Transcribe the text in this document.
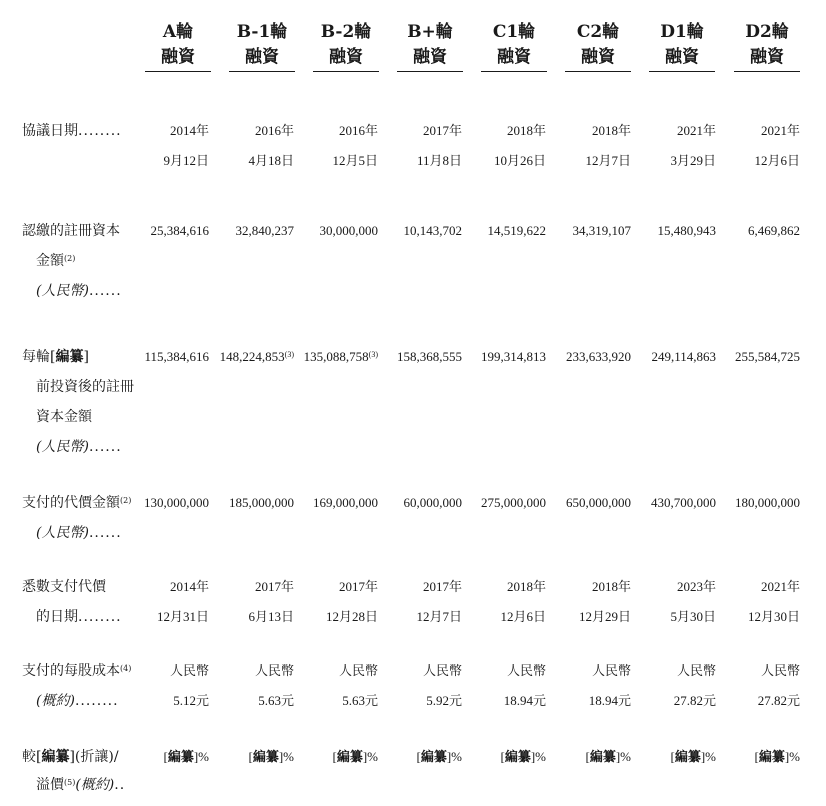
A輪
融資
B-1輪
融資
B-2輪
融資
B+輪
融資
C1輪
融資
C2輪
融資
D1輪
融資
D2輪
融資
協議日期........
認繳的註冊資本
金額$^{(2)}$
(人民幣)......
每輪[編纂]
前投資後的註冊
資本金額
(人民幣)......
支付的代價金額$^{(2)}$
(人民幣)......
悉數支付代價
的日期........
支付的每股成本$^{(4)}$
(概約)........
較[編纂](折讓)/
溢價$^{(5)}$(概約)..
2014年
9月12日
25,384,616
115,384,616
130,000,000
2014年
12月31日
人民幣
5.12元
[編纂]%
2016年
4月18日
32,840,237
148,224,853$^{(3)}$
185,000,000
2017年
6月13日
人民幣
5.63元
[編纂]%
2016年
12月5日
30,000,000
135,088,758$^{(3)}$
169,000,000
2017年
12月28日
人民幣
5.63元
[編纂]%
2017年
11月8日
10,143,702
158,368,555
60,000,000
2017年
12月7日
人民幣
5.92元
[編纂]%
2018年
10月26日
14,519,622
199,314,813
275,000,000
2018年
12月6日
人民幣
18.94元
[編纂]%
2018年
12月7日
34,319,107
233,633,920
650,000,000
2018年
12月29日
人民幣
18.94元
[編纂]%
2021年
3月29日
15,480,943
249,114,863
430,700,000
2023年
5月30日
人民幣
27.82元
[編纂]%
2021年
12月6日
6,469,862
255,584,725
180,000,000
2021年
12月30日
人民幣
27.82元
[編纂]%
